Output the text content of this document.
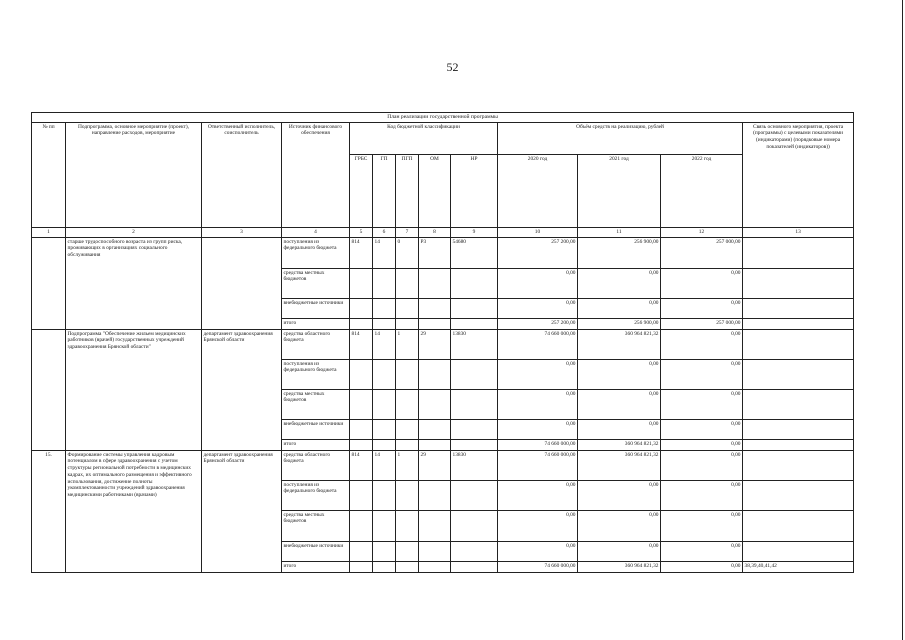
52
План реализации государственной программы												
№ пп	Подпрограмма, основное мероприятие (проект), направление расходов, мероприятие	Ответственный исполнитель, соисполнитель	Источник финансового обеспечения	Код бюджетной классификации					Объём средств на реализацию, рублей			Связь основного мероприятия, проекта (программы) с целевыми показателями (индикаторами) (порядковые номера показателей (индикаторов))
				ГРБС	ГП	ПГП	ОМ	НР	2020 год	2021 год	2022 год	
1	2	3	4	5	6	7	8	9	10	11	12	13
	старше трудоспособного возраста из групп риска, проживающих в организациях социального обслуживания		поступления из федерального бюджета	814	14	0	Р3	54680	257 200,00	256 900,00	257 000,00	
			средства местных бюджетов						0,00	0,00	0,00	
			внебюджетные источники						0,00	0,00	0,00	
			итого						257 200,00	256 900,00	257 000,00	
	Подпрограмма "Обеспечение жильем медицинских работников (врачей) государственных учреждений здравоохранения Брянской области"	департамент здравоохранения Брянской области	средства областного бюджета	814	14	1	29	13830	74 660 000,00	360 964 821,32	0,00	
			поступления из федерального бюджета						0,00	0,00	0,00	
			средства местных бюджетов						0,00	0,00	0,00	
			внебюджетные источники						0,00	0,00	0,00	
			итого						74 660 000,00	360 964 821,32	0,00	
15.	Формирование системы управления кадровым потенциалом в сфере здравоохранения с учетом структуры региональной потребности в медицинских кадрах, их оптимального размещения и эффективного использования, достижение полноты укомплектованности учреждений здравоохранения медицинскими работниками (врачами)	департамент здравоохранения Брянской области	средства областного бюджета	814	14	1	29	13830	74 660 000,00	360 964 821,32	0,00	
			поступления из федерального бюджета						0,00	0,00	0,00	
			средства местных бюджетов						0,00	0,00	0,00	
			внебюджетные источники						0,00	0,00	0,00	
			итого						74 660 000,00	360 964 821,32	0,00	38,39,40,41,42
